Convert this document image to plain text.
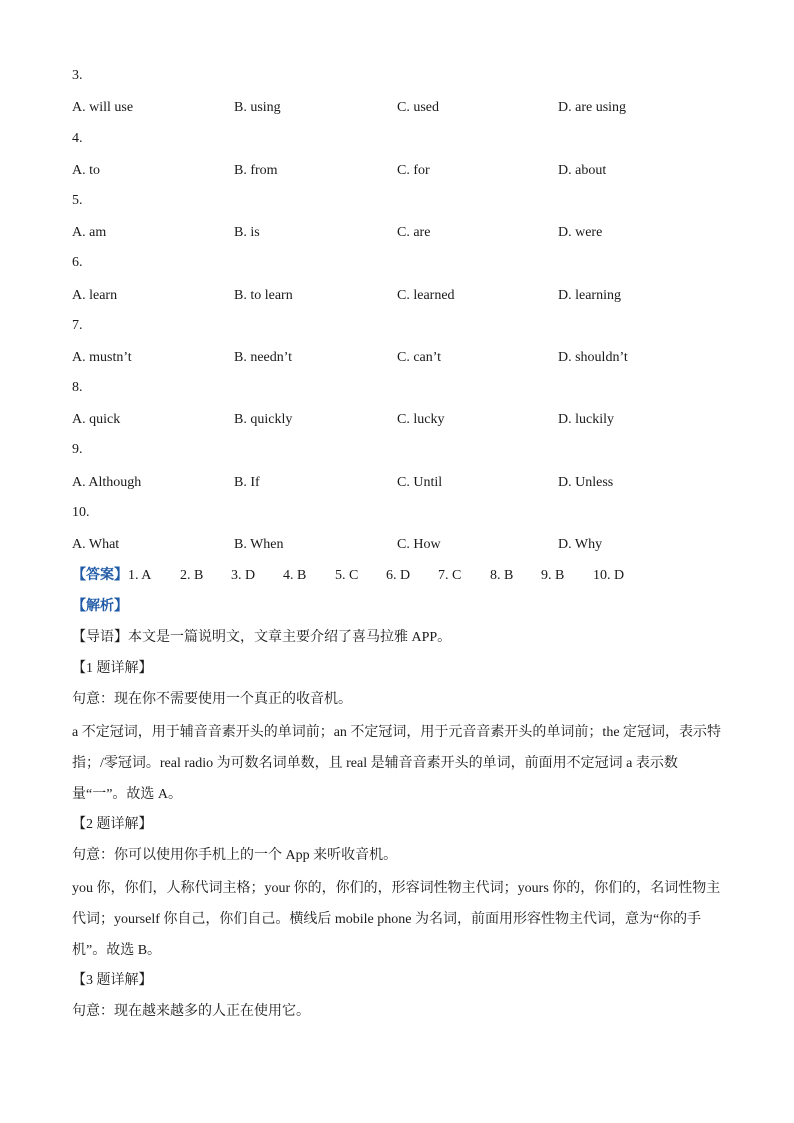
3.
A. will use	B. using	C. used	D. are using
4.
A. to	B. from	C. for	D. about
5.
A. am	B. is	C. are	D. were
6.
A. learn	B. to learn	C. learned	D. learning
7.
A. mustn’t	B. needn’t	C. can’t	D. shouldn’t
8.
A. quick	B. quickly	C. lucky	D. luckily
9.
A. Although	B. If	C. Until	D. Unless
10.
A. What	B. When	C. How	D. Why
【答案】 1. A 2. B 3. D 4. B 5. C 6. D 7. C 8. B 9. B 10. D
【解析】
【导语】本文是一篇说明文，文章主要介绍了喜马拉雅 APP。
【1 题详解】
句意：现在你不需要使用一个真正的收音机。
a 不定冠词，用于辅音音素开头的单词前；an 不定冠词，用于元音音素开头的单词前；the 定冠词，表示特指；/零冠词。real radio 为可数名词单数，且 real 是辅音音素开头的单词，前面用不定冠词 a 表示数量“一”。故选 A。
【2 题详解】
句意：你可以使用你手机上的一个 App 来听收音机。
you 你，你们，人称代词主格；your 你的，你们的，形容词性物主代词；yours 你的，你们的，名词性物主代词；yourself 你自己，你们自己。横线后 mobile phone 为名词，前面用形容性物主代词，意为“你的手机”。故选 B。
【3 题详解】
句意：现在越来越多的人正在使用它。
